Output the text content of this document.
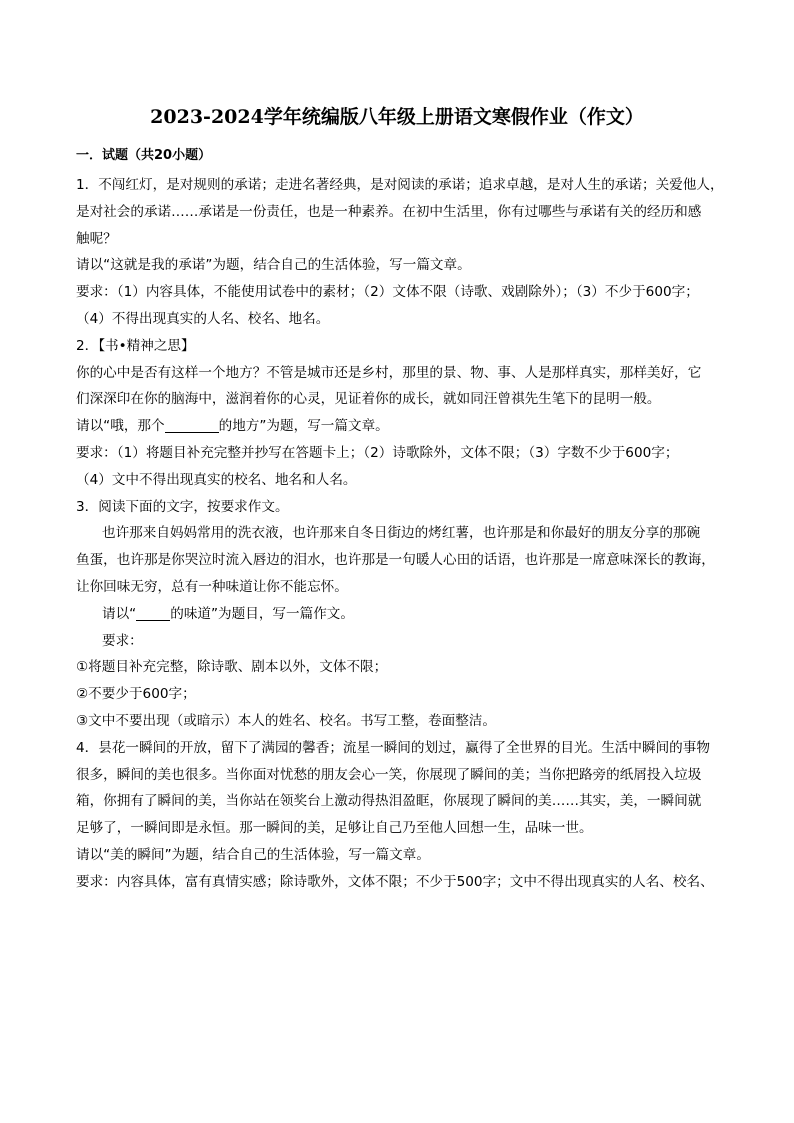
2023-2024学年统编版八年级上册语文寒假作业（作文）
一．试题（共20小题）

1．不闯红灯，是对规则的承诺；走进名著经典，是对阅读的承诺；追求卓越，是对人生的承诺；关爱他人，

是对社会的承诺……承诺是一份责任，也是一种素养。在初中生活里，你有过哪些与承诺有关的经历和感

触呢？

请以“这就是我的承诺”为题，结合自己的生活体验，写一篇文章。

要求：（1）内容具体，不能使用试卷中的素材；（2）文体不限（诗歌、戏剧除外）；（3）不少于600字；

（4）不得出现真实的人名、校名、地名。

2．【书•精神之思】

你的心中是否有这样一个地方？不管是城市还是乡村，那里的景、物、事、人是那样真实，那样美好，它

们深深印在你的脑海中，滋润着你的心灵，见证着你的成长，就如同汪曾祺先生笔下的昆明一般。

请以“哦，那个	的地方”为题，写一篇文章。

要求：（1）将题目补充完整并抄写在答题卡上；（2）诗歌除外，文体不限；（3）字数不少于600字；

（4）文中不得出现真实的校名、地名和人名。

3．阅读下面的文字，按要求作文。

也许那来自妈妈常用的洗衣液，也许那来自冬日街边的烤红薯，也许那是和你最好的朋友分享的那碗

鱼蛋，也许那是你哭泣时流入唇边的泪水，也许那是一句暖人心田的话语，也许那是一席意味深长的教诲，

让你回味无穷，总有一种味道让你不能忘怀。

请以“	的味道”为题目，写一篇作文。

要求：

①将题目补充完整，除诗歌、剧本以外，文体不限；

②不要少于600字；

③文中不要出现（或暗示）本人的姓名、校名。书写工整，卷面整洁。

4．昙花一瞬间的开放，留下了满园的馨香；流星一瞬间的划过，赢得了全世界的目光。生活中瞬间的事物

很多，瞬间的美也很多。当你面对忧愁的朋友会心一笑，你展现了瞬间的美；当你把路旁的纸屑投入垃圾

箱，你拥有了瞬间的美，当你站在领奖台上激动得热泪盈眶，你展现了瞬间的美……其实，美，一瞬间就

足够了，一瞬间即是永恒。那一瞬间的美，足够让自己乃至他人回想一生，品味一世。

请以“美的瞬间”为题，结合自己的生活体验，写一篇文章。

要求：内容具体，富有真情实感；除诗歌外，文体不限；不少于500字；文中不得出现真实的人名、校名、
